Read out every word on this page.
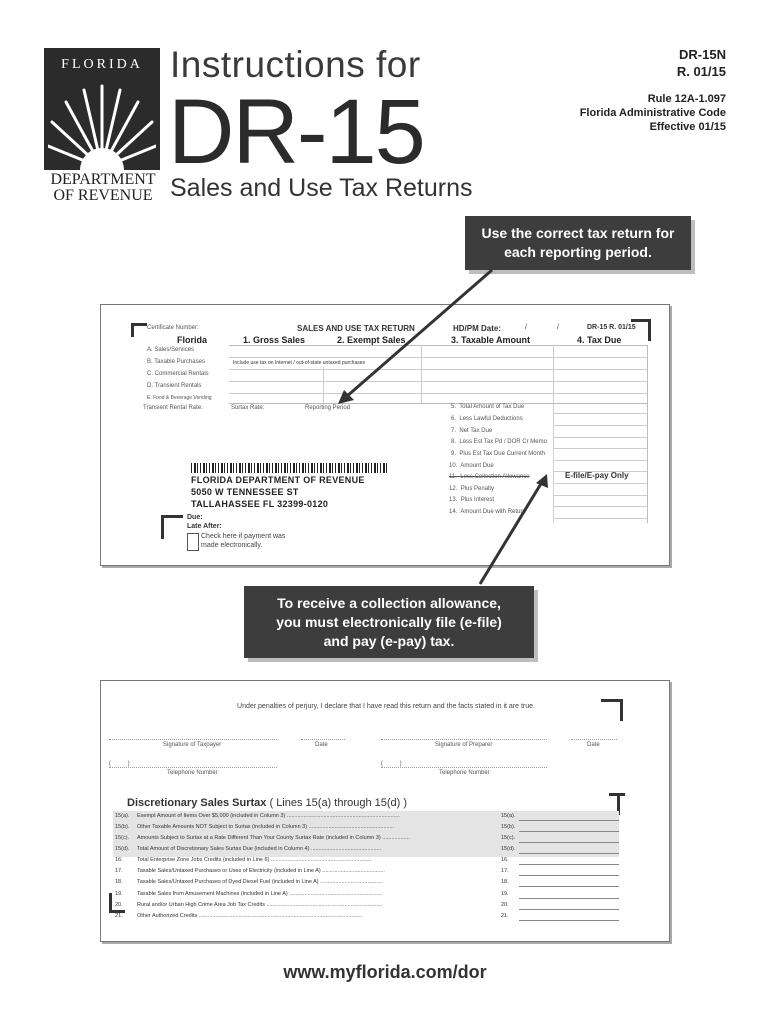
FLORIDA
DEPARTMENT
OF REVENUE
Instructions for
DR-15
Sales and Use Tax Returns
DR-15N
R. 01/15
Rule 12A-1.097
Florida Administrative Code
Effective 01/15
Use the correct tax return for
each reporting period.
Certificate Number:
Florida
SALES AND USE TAX RETURN
1. Gross Sales	2. Exempt Sales
HD/PM Date:	/	/
3. Taxable Amount
DR-15 R. 01/15
4. Tax Due
A. Sales/Services
B. Taxable Purchases
C. Commercial Rentals
D. Transient Rentals
E. Food & Beverage Vending
Include use tax on Internet / out-of-state untaxed purchases
Transient Rental Rate:	Surtax Rate:	Reporting Period	5. Total Amount of Tax Due
6. Less Lawful Deductions
7. Net Tax Due
8. Less Est Tax Pd / DOR Cr Memo
9. Plus Est Tax Due Current Month
10. Amount Due
11. Less Collection Allowance
12. Plus Penalty
13. Plus Interest
14. Amount Due with Return
E-file/E-pay Only
FLORIDA DEPARTMENT OF REVENUE
5050 W TENNESSEE ST
TALLAHASSEE FL 32399-0120
Due:
Late After:
Check here if payment was
made electronically.
To receive a collection allowance,
you must electronically file (e-file)
and pay (e-pay) tax.
Under penalties of perjury, I declare that I have read this return and the facts stated in it are true.
Signature of Taxpayer	Date	Signature of Preparer	Date
(          )
Telephone Number
(          )
Telephone Number
Discretionary Sales Surtax ( Lines 15(a) through 15(d) )
15(a). Exempt Amount of Items Over $5,000 (included in Column 3) ..........................................................................	15(a).
15(b). Other Taxable Amounts NOT Subject to Surtax (included in Column 3) ........................................................	15(b).
15(c). Amounts Subject to Surtax at a Rate Different Than Your County Surtax Rate (included in Column 3) ..................	15(c).
15(d). Total Amount of Discretionary Sales Surtax Due (included in Column 4) ..............................................	15(d).
16.	Total Enterprise Zone Jobs Credits (included in Line 6) ..................................................................	16.
17.	Taxable Sales/Untaxed Purchases or Uses of Electricity (included in Line A) .........................................	17.
18.	Taxable Sales/Untaxed Purchases of Dyed Diesel Fuel (included in Line A) .........................................	18.
19.	Taxable Sales from Amusement Machines (included in Line A) .............................................................	19.
20.	Rural and/or Urban High Crime Area Job Tax Credits ............................................................................	20.
21.	Other Authorized Credits ...........................................................................................................	21.
www.myflorida.com/dor
